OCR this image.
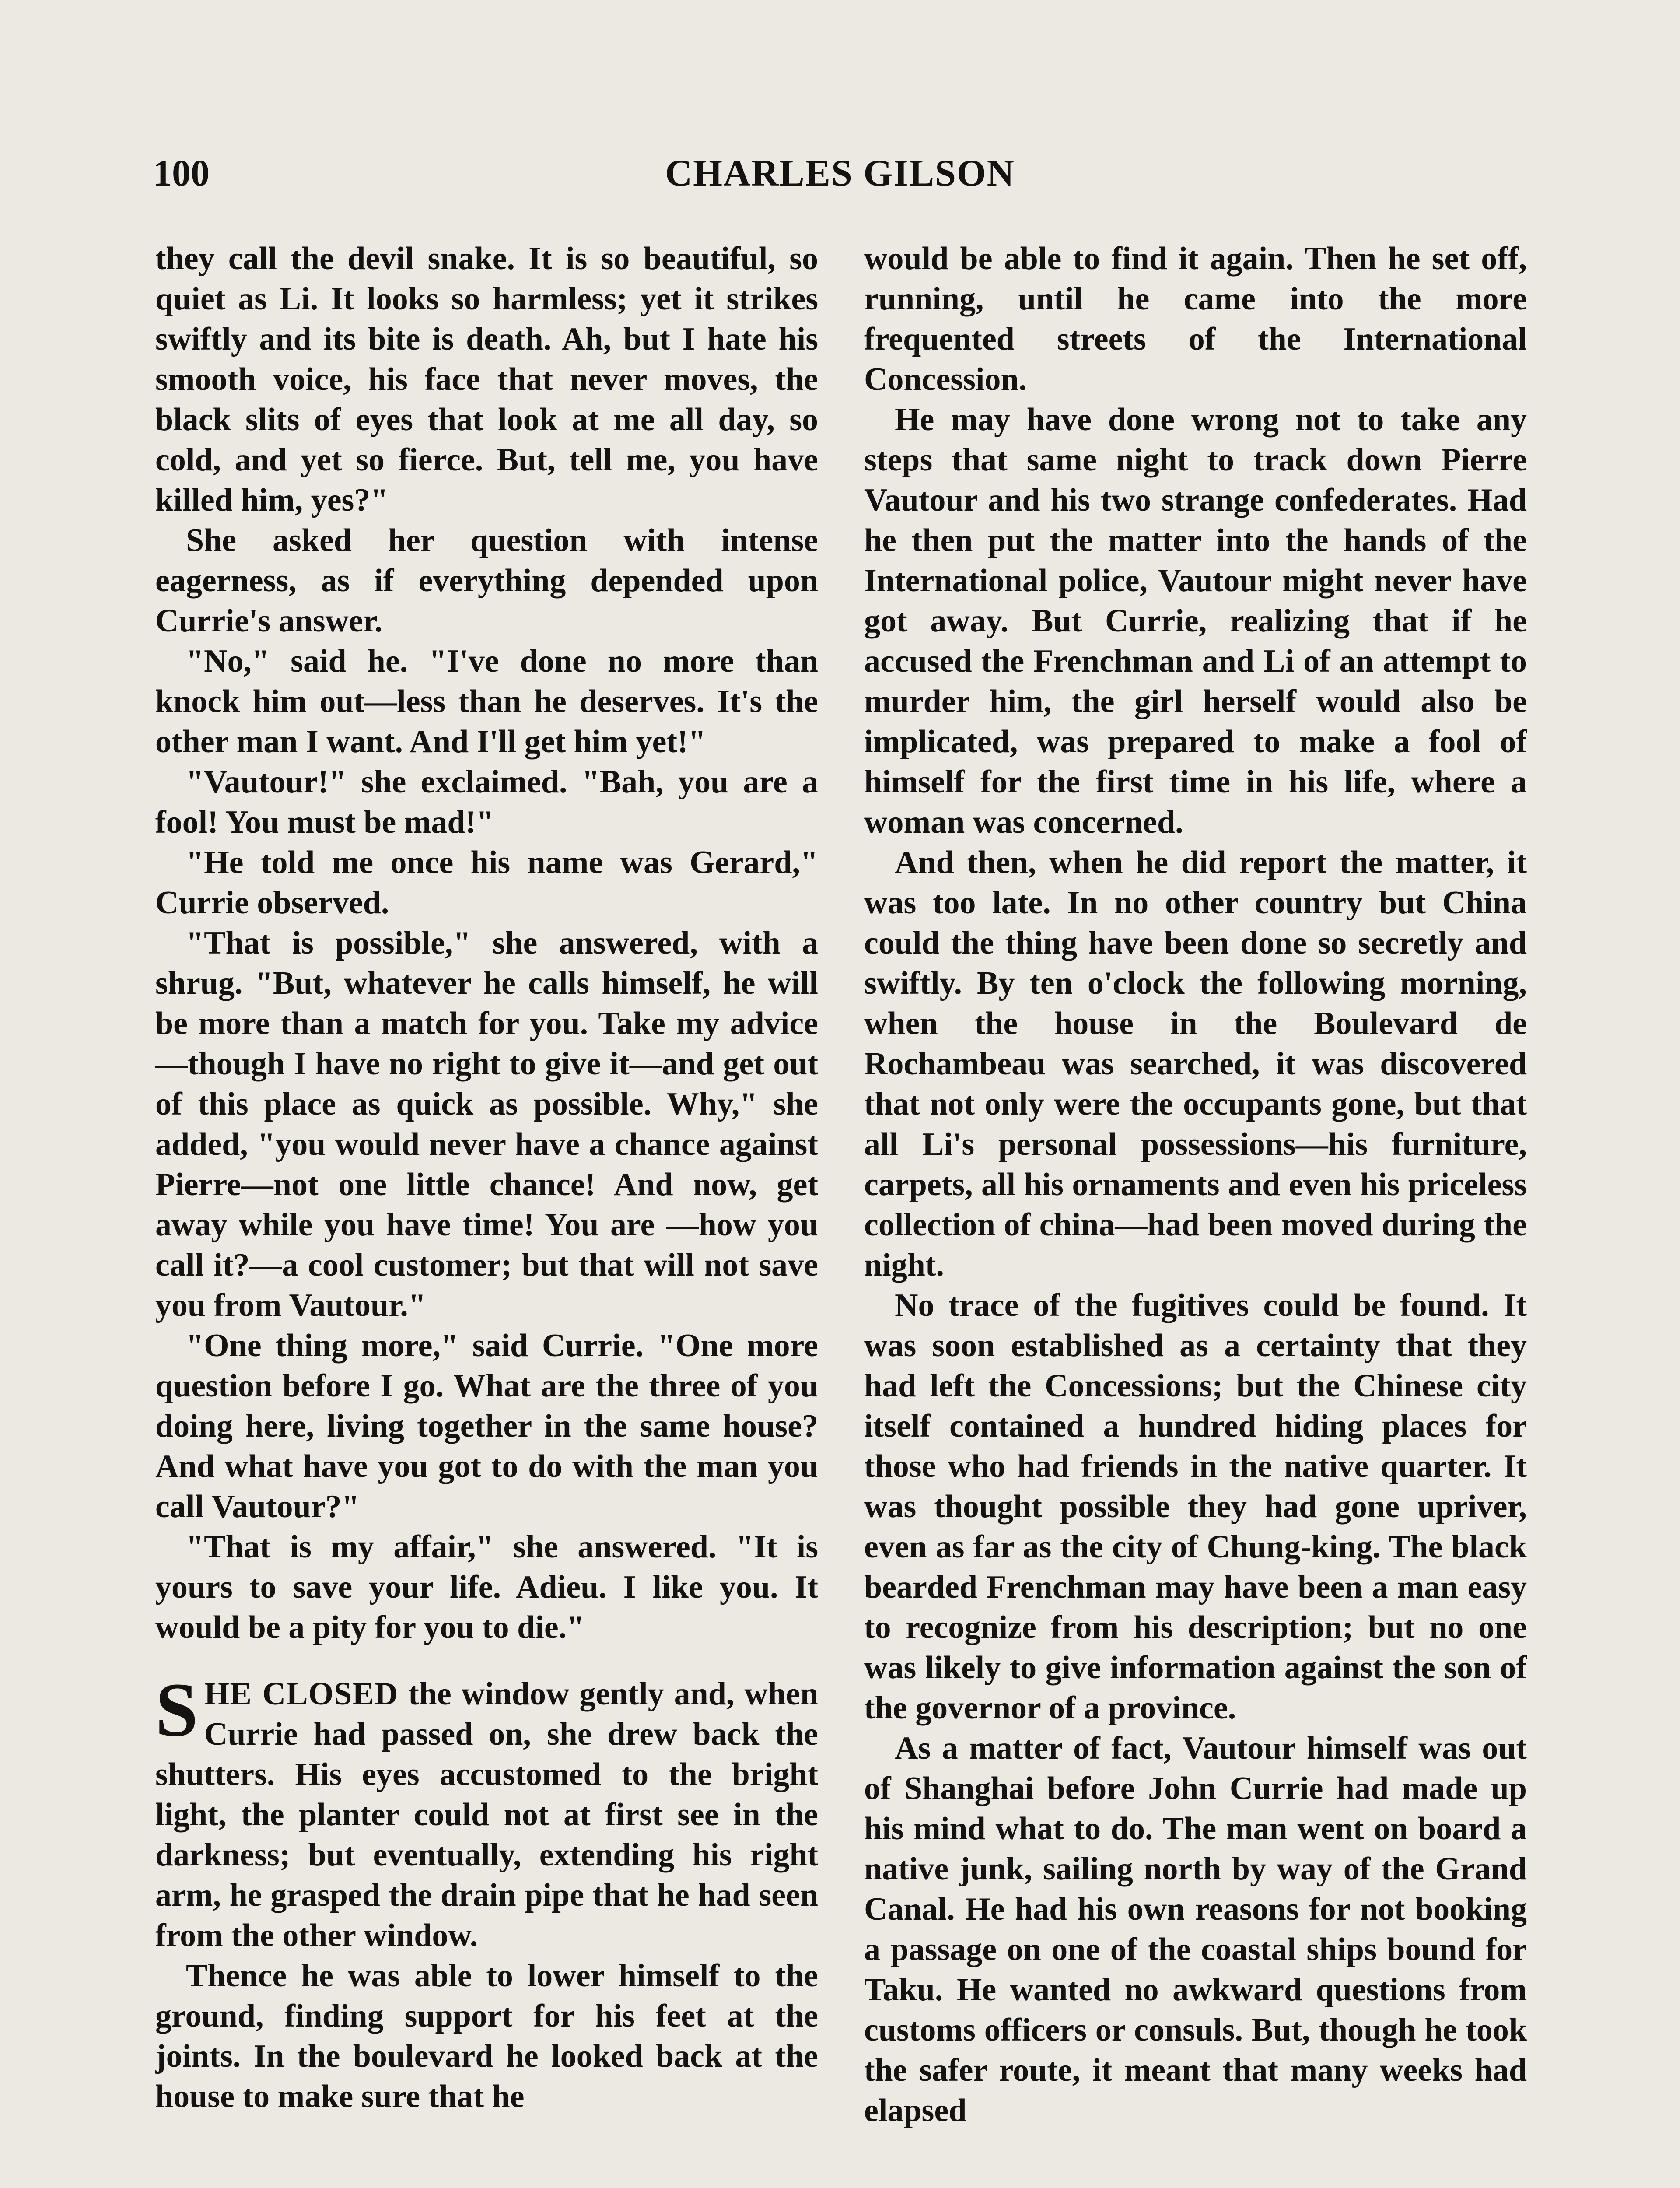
100	CHARLES GILSON

they call the devil snake. It is so beautiful, so quiet as Li. It looks so harmless; yet it strikes swiftly and its bite is death. Ah, but I hate his smooth voice, his face that never moves, the black slits of eyes that look at me all day, so cold, and yet so fierce. But, tell me, you have killed him, yes?"

She asked her question with intense eagerness, as if everything depended upon Currie's answer.

"No," said he. "I've done no more than knock him out—less than he deserves. It's the other man I want. And I'll get him yet!"

"Vautour!" she exclaimed. "Bah, you are a fool! You must be mad!"

"He told me once his name was Gerard," Currie observed.

"That is possible," she answered, with a shrug. "But, whatever he calls himself, he will be more than a match for you. Take my advice—though I have no right to give it—and get out of this place as quick as possible. Why," she added, "you would never have a chance against Pierre—not one little chance! And now, get away while you have time! You are —how you call it?—a cool customer; but that will not save you from Vautour."

"One thing more," said Currie. "One more question before I go. What are the three of you doing here, living together in the same house? And what have you got to do with the man you call Vautour?"

"That is my affair," she answered. "It is yours to save your life. Adieu. I like you. It would be a pity for you to die."

SHE CLOSED the window gently and, when Currie had passed on, she drew back the shutters. His eyes accustomed to the bright light, the planter could not at first see in the darkness; but eventually, extending his right arm, he grasped the drain pipe that he had seen from the other window.

Thence he was able to lower himself to the ground, finding support for his feet at the joints. In the boulevard he looked back at the house to make sure that he

would be able to find it again. Then he set off, running, until he came into the more frequented streets of the International Concession.

He may have done wrong not to take any steps that same night to track down Pierre Vautour and his two strange confederates. Had he then put the matter into the hands of the International police, Vautour might never have got away. But Currie, realizing that if he accused the Frenchman and Li of an attempt to murder him, the girl herself would also be implicated, was prepared to make a fool of himself for the first time in his life, where a woman was concerned.

And then, when he did report the matter, it was too late. In no other country but China could the thing have been done so secretly and swiftly. By ten o'clock the following morning, when the house in the Boulevard de Rochambeau was searched, it was discovered that not only were the occupants gone, but that all Li's personal possessions—his furniture, carpets, all his ornaments and even his priceless collection of china—had been moved during the night.

No trace of the fugitives could be found. It was soon established as a certainty that they had left the Concessions; but the Chinese city itself contained a hundred hiding places for those who had friends in the native quarter. It was thought possible they had gone upriver, even as far as the city of Chung-king. The black bearded Frenchman may have been a man easy to recognize from his description; but no one was likely to give information against the son of the governor of a province.

As a matter of fact, Vautour himself was out of Shanghai before John Currie had made up his mind what to do. The man went on board a native junk, sailing north by way of the Grand Canal. He had his own reasons for not booking a passage on one of the coastal ships bound for Taku. He wanted no awkward questions from customs officers or consuls. But, though he took the safer route, it meant that many weeks had elapsed
